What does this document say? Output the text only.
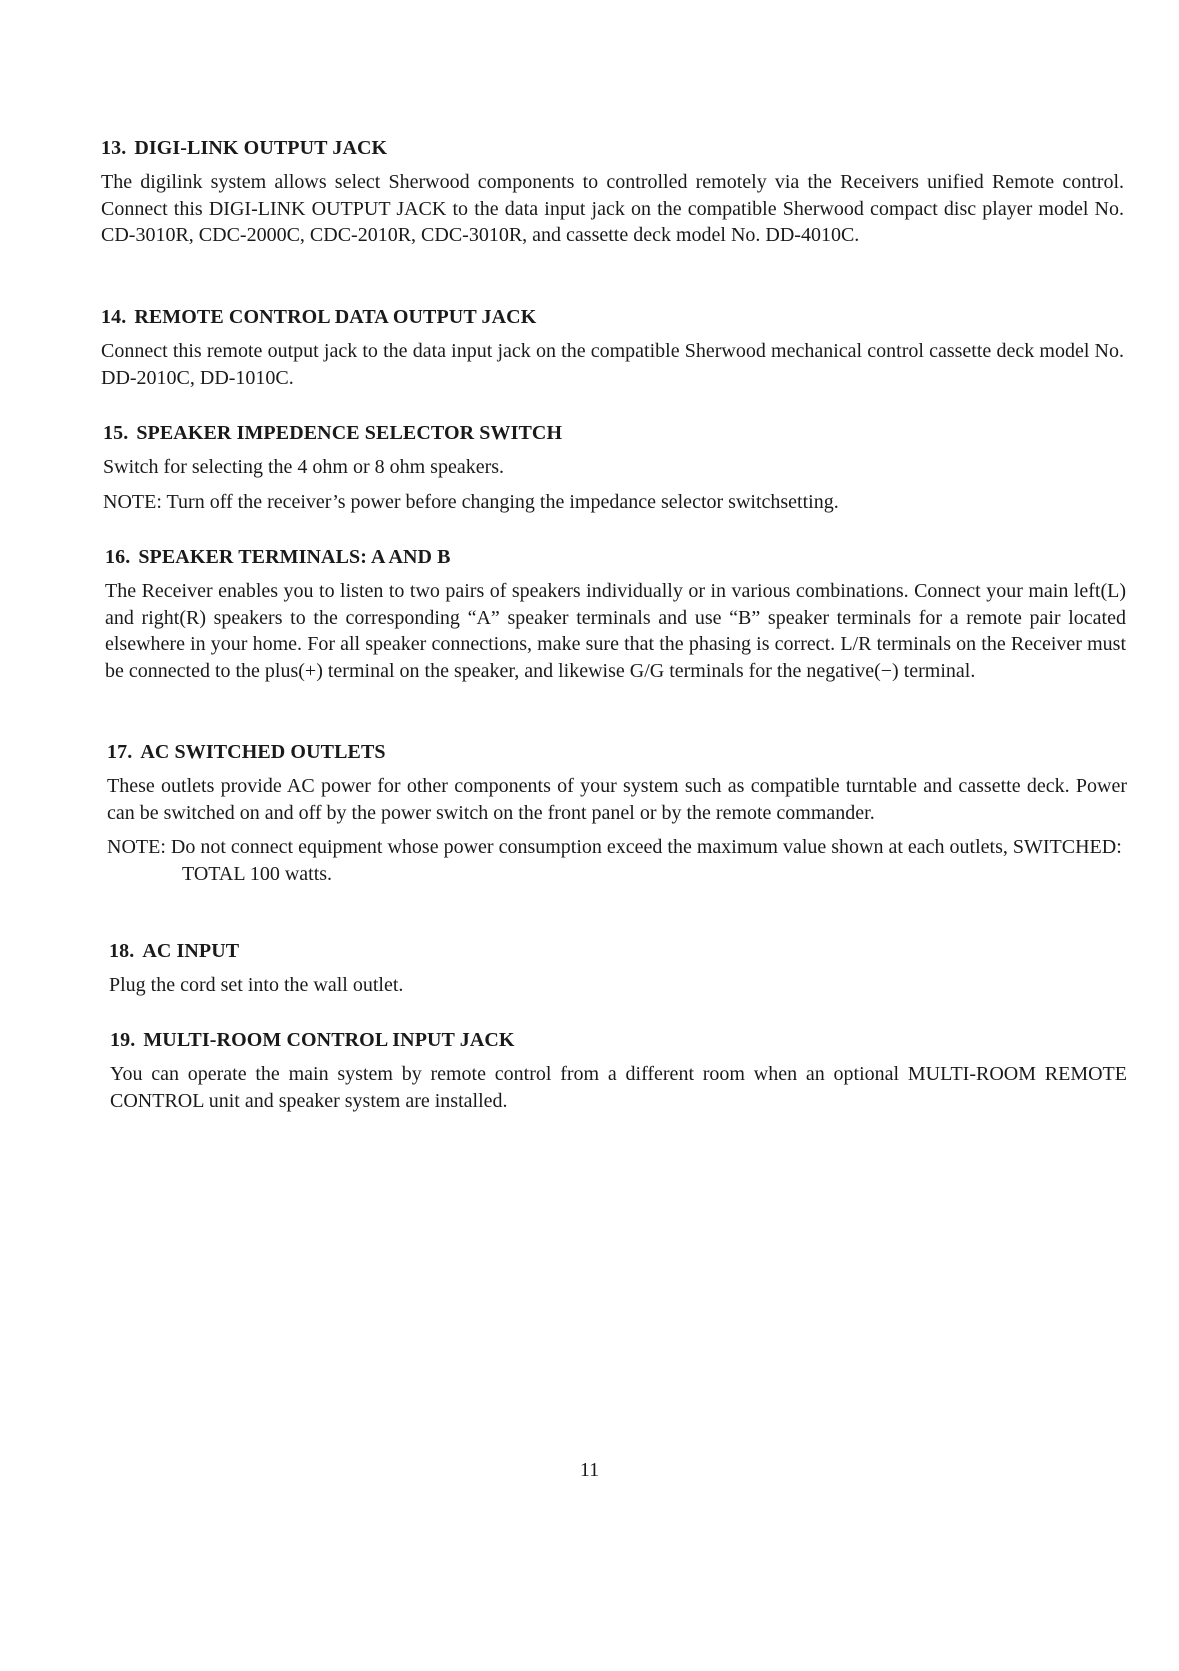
13. DIGI-LINK OUTPUT JACK

The digilink system allows select Sherwood components to controlled remotely via the Receivers unified Remote control. Connect this DIGI-LINK OUTPUT JACK to the data input jack on the compatible Sherwood compact disc player model No. CD-3010R, CDC-2000C, CDC-2010R, CDC-3010R, and cassette deck model No. DD-4010C.

14. REMOTE CONTROL DATA OUTPUT JACK

Connect this remote output jack to the data input jack on the compatible Sherwood mechanical control cassette deck model No. DD-2010C, DD-1010C.

15. SPEAKER IMPEDENCE SELECTOR SWITCH

Switch for selecting the 4 ohm or 8 ohm speakers.

NOTE: Turn off the receiver’s power before changing the impedance selector switchsetting.

16. SPEAKER TERMINALS: A AND B

The Receiver enables you to listen to two pairs of speakers individually or in various combinations. Connect your main left(L) and right(R) speakers to the corresponding “A” speaker terminals and use “B” speaker terminals for a remote pair located elsewhere in your home. For all speaker connections, make sure that the phasing is correct. L/R terminals on the Receiver must be connected to the plus(+) terminal on the speaker, and likewise G/G terminals for the negative(−) terminal.

17. AC SWITCHED OUTLETS

These outlets provide AC power for other components of your system such as compatible turntable and cassette deck. Power can be switched on and off by the power switch on the front panel or by the remote commander.

NOTE: Do not connect equipment whose power consumption exceed the maximum value shown at each outlets, SWITCHED: TOTAL 100 watts.

18. AC INPUT

Plug the cord set into the wall outlet.

19. MULTI-ROOM CONTROL INPUT JACK

You can operate the main system by remote control from a different room when an optional MULTI-ROOM REMOTE CONTROL unit and speaker system are installed.

11
